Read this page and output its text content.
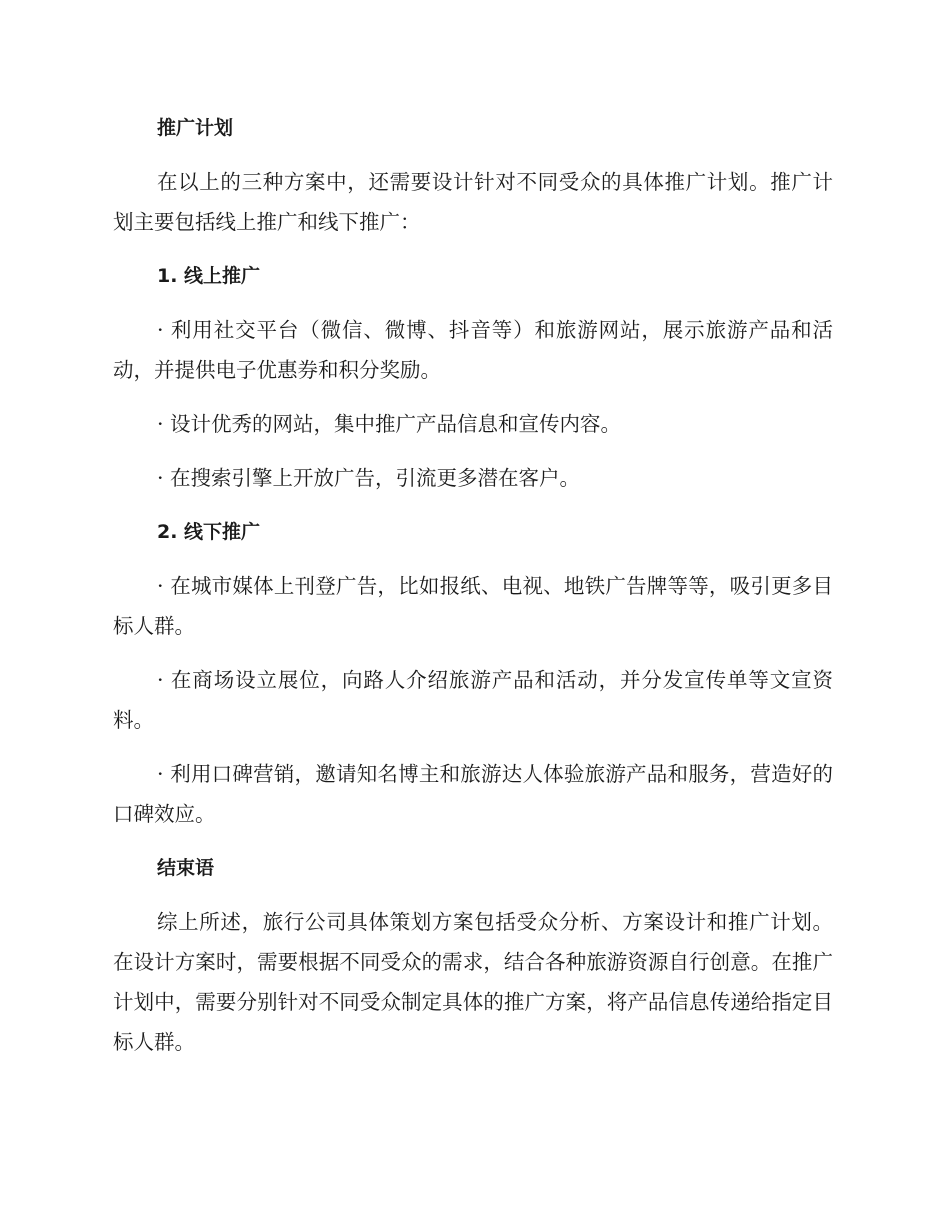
推广计划

在以上的三种方案中，还需要设计针对不同受众的具体推广计划。推广计划主要包括线上推广和线下推广：

1. 线上推广

· 利用社交平台（微信、微博、抖音等）和旅游网站，展示旅游产品和活动，并提供电子优惠券和积分奖励。

· 设计优秀的网站，集中推广产品信息和宣传内容。

· 在搜索引擎上开放广告，引流更多潜在客户。

2. 线下推广

· 在城市媒体上刊登广告，比如报纸、电视、地铁广告牌等等，吸引更多目标人群。

· 在商场设立展位，向路人介绍旅游产品和活动，并分发宣传单等文宣资料。

· 利用口碑营销，邀请知名博主和旅游达人体验旅游产品和服务，营造好的口碑效应。

结束语

综上所述，旅行公司具体策划方案包括受众分析、方案设计和推广计划。在设计方案时，需要根据不同受众的需求，结合各种旅游资源自行创意。在推广计划中，需要分别针对不同受众制定具体的推广方案，将产品信息传递给指定目标人群。
